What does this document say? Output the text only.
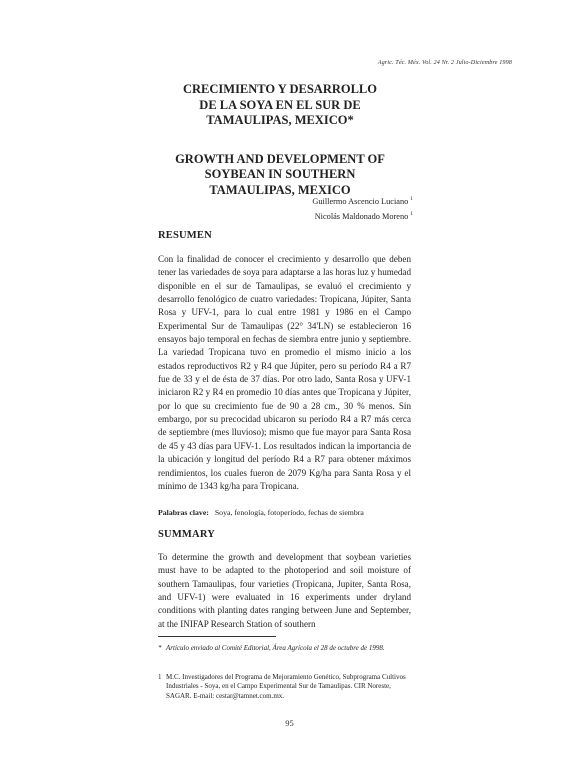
Agric. Téc. Méx. Vol. 24 Nr. 2 Julio-Diciembre 1998
CRECIMIENTO Y DESARROLLO
DE LA SOYA EN EL SUR DE
TAMAULIPAS, MEXICO*
GROWTH AND DEVELOPMENT OF
SOYBEAN IN SOUTHERN
TAMAULIPAS, MEXICO
Guillermo Ascencio Luciano $^1$
Nicolás Maldonado Moreno $^1$
RESUMEN
Con la finalidad de conocer el crecimiento y desarrollo que deben tener las variedades de soya para adaptarse a las horas luz y humedad disponible en el sur de Tamaulipas, se evaluó el crecimiento y desarrollo fenológico de cuatro variedades: Tropicana, Júpiter, Santa Rosa y UFV-1, para lo cual entre 1981 y 1986 en el Campo Experimental Sur de Tamaulipas (22° 34'LN) se establecieron 16 ensayos bajo temporal en fechas de siembra entre junio y septiembre. La variedad Tropicana tuvo en promedio el mismo inicio a los estados reproductivos R2 y R4 que Júpiter, pero su período R4 a R7 fue de 33 y el de ésta de 37 días. Por otro lado, Santa Rosa y UFV-1 iniciaron R2 y R4 en promedio 10 días antes que Tropicana y Júpiter, por lo que su crecimiento fue de 90 a 28 cm., 30 % menos. Sin embargo, por su precocidad ubicaron su período R4 a R7 más cerca de septiembre (mes lluvioso); mismo que fue mayor para Santa Rosa de 45 y 43 días para UFV-1. Los resultados indican la importancia de la ubicación y longitud del período R4 a R7 para obtener máximos rendimientos, los cuales fueron de 2079 Kg/ha para Santa Rosa y el mínimo de 1343 kg/ha para Tropicana.
Palabras clave: Soya, fenología, fotoperíodo, fechas de siembra
SUMMARY
To determine the growth and development that soybean varieties must have to be adapted to the photoperiod and soil moisture of southern Tamaulipas, four varieties (Tropicana, Jupiter, Santa Rosa, and UFV-1) were evaluated in 16 experiments under dryland conditions with planting dates ranging between June and September, at the INIFAP Research Station of southern
* Artículo enviado al Comité Editorial, Área Agrícola el 28 de octubre de 1998.
1 M.C. Investigadores del Programa de Mejoramiento Genético, Subprograma Cultivos Industriales - Soya, en el Campo Experimental Sur de Tamaulipas. CIR Noreste, SAGAR. E-mail: cestar@tamnet.com.mx.
95
